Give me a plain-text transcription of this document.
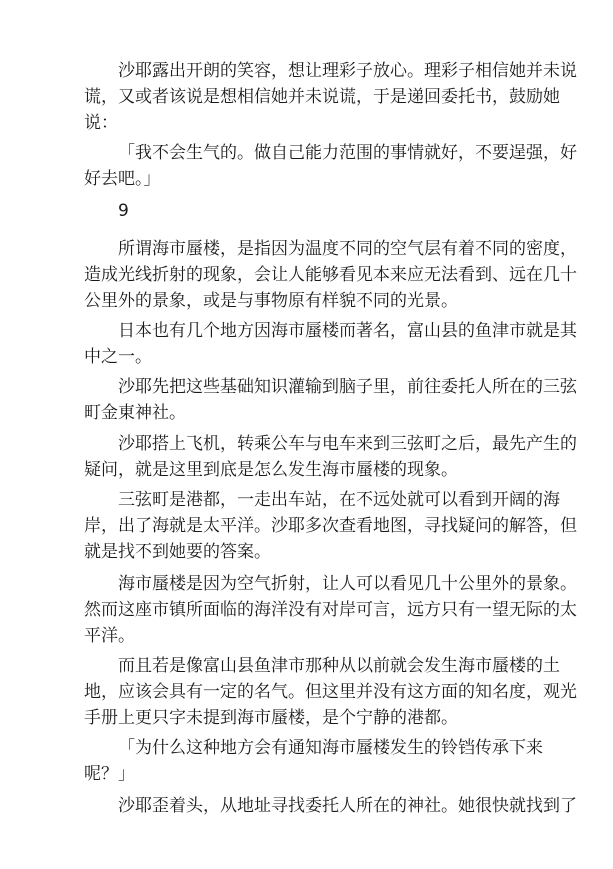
沙耶露出开朗的笑容，想让理彩子放心。理彩子相信她并未说
谎，又或者该说是想相信她并未说谎，于是递回委托书，鼓励她
说：

「我不会生气的。做自己能力范围的事情就好，不要逞强，好
好去吧。」

9

所谓海市蜃楼，是指因为温度不同的空气层有着不同的密度，
造成光线折射的现象，会让人能够看见本来应无法看到、远在几十
公里外的景象，或是与事物原有样貌不同的光景。

日本也有几个地方因海市蜃楼而著名，富山县的鱼津市就是其
中之一。

沙耶先把这些基础知识灌输到脑子里，前往委托人所在的三弦
町金東神社。

沙耶搭上飞机，转乘公车与电车来到三弦町之后，最先产生的
疑问，就是这里到底是怎么发生海市蜃楼的现象。

三弦町是港都，一走出车站，在不远处就可以看到开阔的海
岸，出了海就是太平洋。沙耶多次查看地图，寻找疑问的解答，但
就是找不到她要的答案。

海市蜃楼是因为空气折射，让人可以看见几十公里外的景象。
然而这座市镇所面临的海洋没有对岸可言，远方只有一望无际的太
平洋。

而且若是像富山县鱼津市那种从以前就会发生海市蜃楼的土
地，应该会具有一定的名气。但这里并没有这方面的知名度，观光
手册上更只字未提到海市蜃楼，是个宁静的港都。

「为什么这种地方会有通知海市蜃楼发生的铃铛传承下来
呢？」

沙耶歪着头，从地址寻找委托人所在的神社。她很快就找到了
